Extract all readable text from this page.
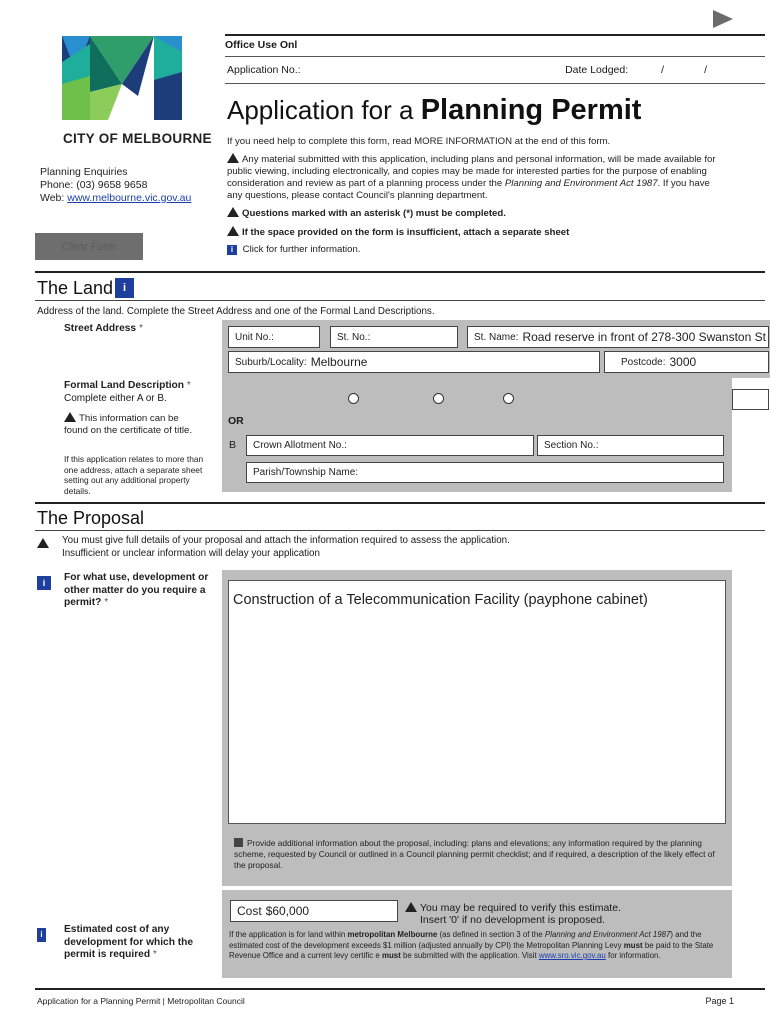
CITY OF MELBOURNE
Planning Enquiries
Phone: (03) 9658 9658
Web: www.melbourne.vic.gov.au
Clear Form
Office Use Onl
Application No.:	Date Lodged:	/	/
Application for a Planning Permit
If you need help to complete this form, read MORE INFORMATION at the end of this form.
Any material submitted with this application, including plans and personal information, will be made available for public viewing, including electronically, and copies may be made for interested parties for the purpose of enabling consideration and review as part of a planning process under the Planning and Environment Act 1987. If you have any questions, please contact Council's planning department.
Questions marked with an asterisk (*) must be completed.
If the space provided on the form is insufficient, attach a separate sheet
i Click for further information.
The Land i
Address of the land. Complete the Street Address and one of the Formal Land Descriptions.
Street Address *
Unit No.:	St. No.:	St. Name: Road reserve in front of 278-300 Swanston St
Suburb/Locality: Melbourne	Postcode: 3000
Formal Land Description *
Complete either A or B.
This information can be found on the certificate of title.
If this application relates to more than one address, attach a separate sheet setting out any additional property details.
OR
B Crown Allotment No.:	Section No.:
Parish/Township Name:
The Proposal
You must give full details of your proposal and attach the information required to assess the application.
Insufficient or unclear information will delay your application
i	For what use, development or other matter do you require a permit? *	Construction of a Telecommunication Facility (payphone cabinet)
Provide additional information about the proposal, including: plans and elevations; any information required by the planning scheme, requested by Council or outlined in a Council planning permit checklist; and if required, a description of the likely effect of the proposal.
Cost $60,000	You may be required to verify this estimate.
Insert '0' if no development is proposed.
If the application is for land within metropolitan Melbourne (as defined in section 3 of the Planning and Environment Act 1987) and the estimated cost of the development exceeds $1 million (adjusted annually by CPI) the Metropolitan Planning Levy must be paid to the State Revenue Office and a current levy certific e must be submitted with the application. Visit www.sro.vic.gov.au for information.
i	Estimated cost of any development for which the permit is required *
Application for a Planning Permit | Metropolitan Council	Page 1
